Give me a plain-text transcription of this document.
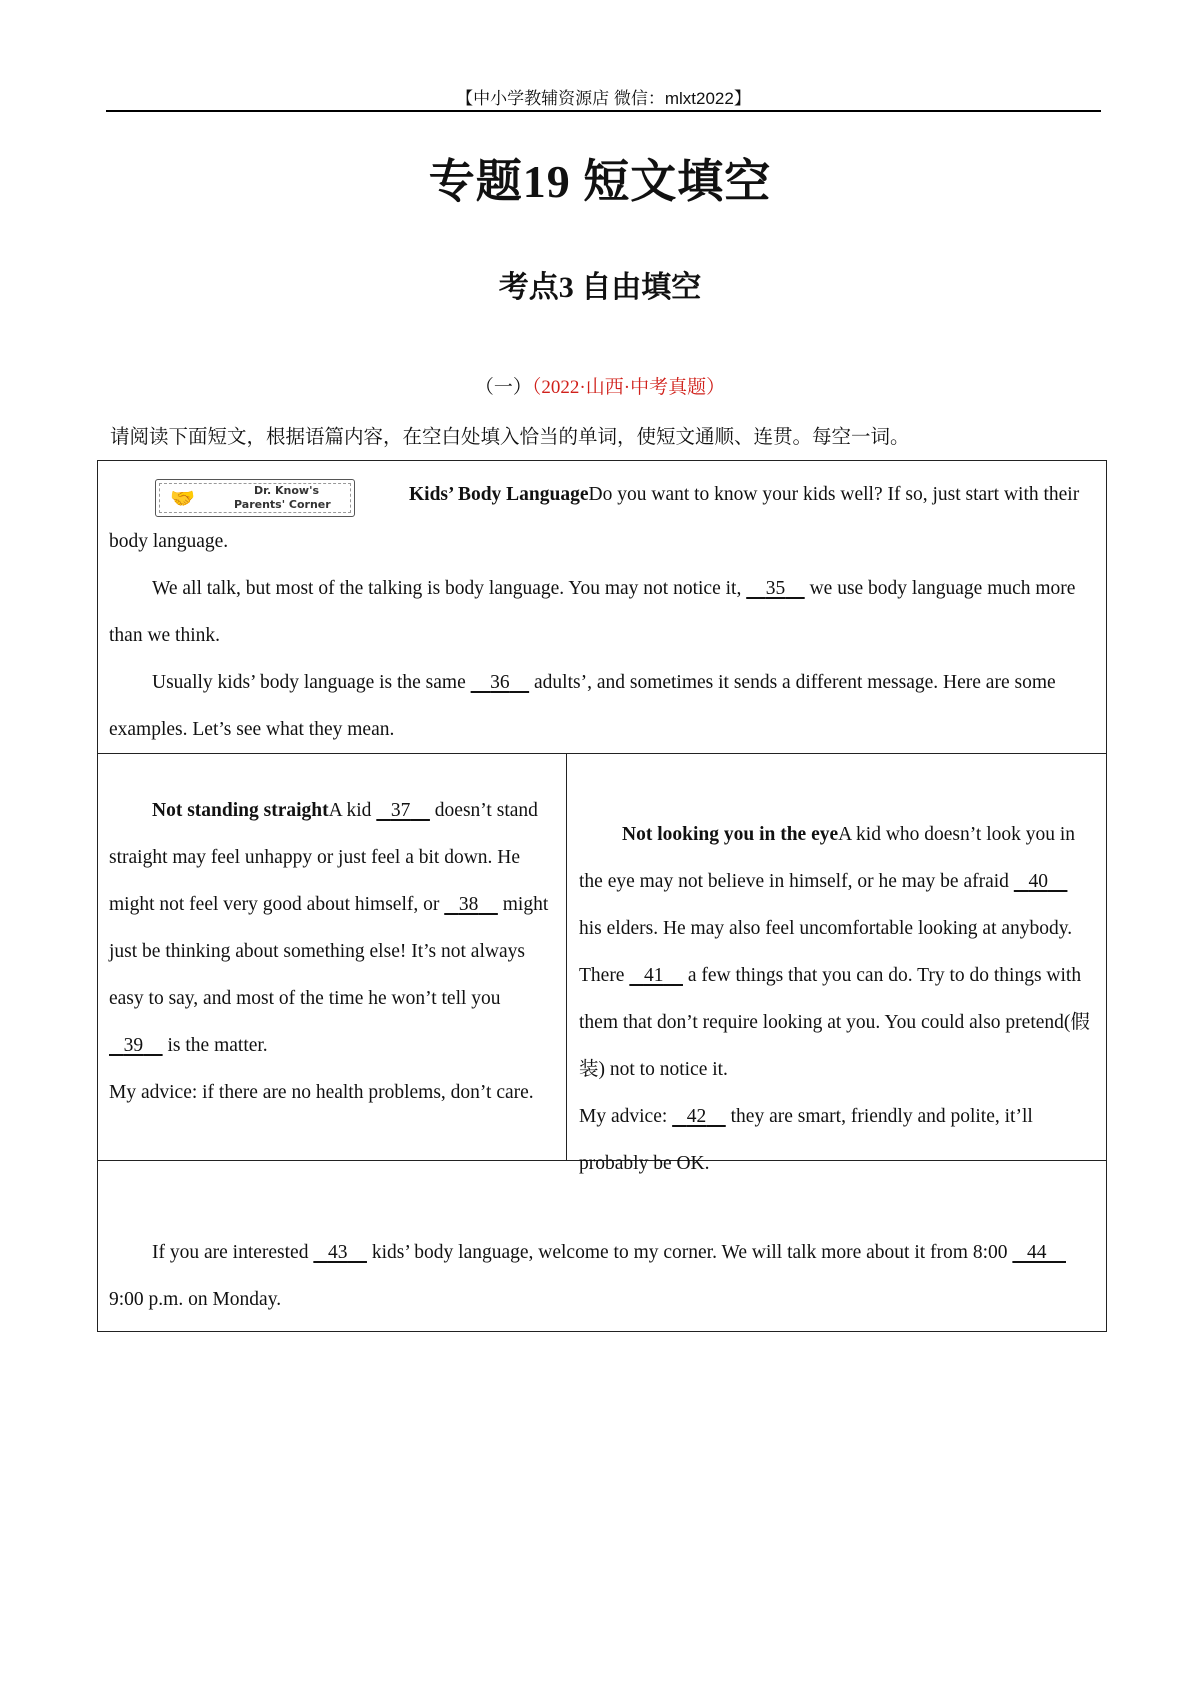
【中小学教辅资源店 微信：mlxt2022】
专题19 短文填空
考点3 自由填空
（一）（2022·山西·中考真题）
请阅读下面短文，根据语篇内容，在空白处填入恰当的单词，使短文通顺、连贯。每空一词。
🤝	Dr. Know's
Parents' Corner	Kids’ Body LanguageDo you want to know your kids well? If so, just start with their body language.

We all talk, but most of the talking is body language. You may not notice it,     35     we use body language much more than we think.

Usually kids’ body language is the same     36     adults’, and sometimes it sends a different message. Here are some examples. Let’s see what they mean.

Not standing straightA kid    37     doesn’t stand straight may feel unhappy or just feel a bit down. He might not feel very good about himself, or    38     might just be thinking about something else! It’s not always easy to say, and most of the time he won’t tell you    39     is the matter.

My advice: if there are no health problems, don’t care.

Not looking you in the eyeA kid who doesn’t look you in the eye may not believe in himself, or he may be afraid    40     his elders. He may also feel uncomfortable looking at anybody. There    41     a few things that you can do. Try to do things with them that don’t require looking at you. You could also pretend(假装) not to notice it.

My advice:    42     they are smart, friendly and polite, it’ll probably be OK.

If you are interested    43     kids’ body language, welcome to my corner. We will talk more about it from 8:00    44     9:00 p.m. on Monday.
